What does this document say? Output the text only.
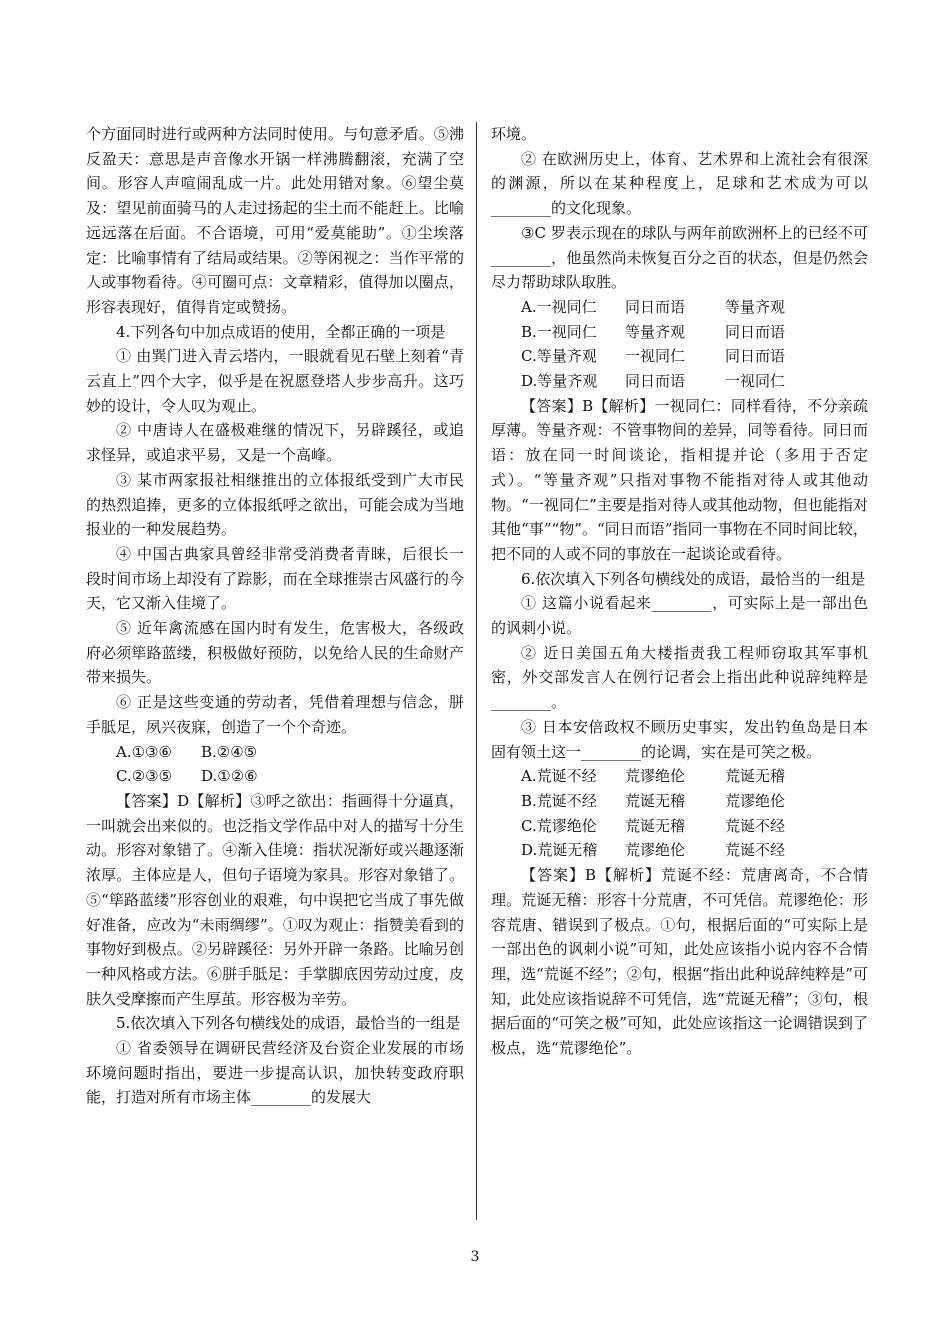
个方面同时进行或两种方法同时使用。与句意矛盾。⑤沸反盈天：意思是声音像水开锅一样沸腾翻滚，充满了空间。形容人声喧闹乱成一片。此处用错对象。⑥望尘莫及：望见前面骑马的人走过扬起的尘土而不能赶上。比喻远远落在后面。不合语境，可用“爱莫能助”。①尘埃落定：比喻事情有了结局或结果。②等闲视之：当作平常的人或事物看待。④可圈可点：文章精彩，值得加以圈点，形容表现好，值得肯定或赞扬。

4.下列各句中加点成语的使用，全都正确的一项是

① 由巽门进入青云塔内，一眼就看见石壁上刻着“青云直上”四个大字，似乎是在祝愿登塔人步步高升。这巧妙的设计，令人叹为观止。

② 中唐诗人在盛极难继的情况下，另辟蹊径，或追求怪异，或追求平易，又是一个高峰。

③ 某市两家报社相继推出的立体报纸受到广大市民的热烈追捧，更多的立体报纸呼之欲出，可能会成为当地报业的一种发展趋势。

④ 中国古典家具曾经非常受消费者青睐，后很长一段时间市场上却没有了踪影，而在全球推崇古风盛行的今天，它又渐入佳境了。

⑤ 近年禽流感在国内时有发生，危害极大，各级政府必须筚路蓝缕，积极做好预防，以免给人民的生命财产带来损失。

⑥ 正是这些变通的劳动者，凭借着理想与信念，胼手胝足，夙兴夜寐，创造了一个个奇迹。

A.①③⑥	B.②④⑤
C.②③⑤	D.①②⑥

【答案】D【解析】③呼之欲出：指画得十分逼真，一叫就会出来似的。也泛指文学作品中对人的描写十分生动。形容对象错了。④渐入佳境：指状况渐好或兴趣逐渐浓厚。主体应是人，但句子语境为家具。形容对象错了。⑤“筚路蓝缕”形容创业的艰难，句中误把它当成了事先做好准备，应改为“未雨绸缪”。①叹为观止：指赞美看到的事物好到极点。②另辟蹊径：另外开辟一条路。比喻另创一种风格或方法。⑥胼手胝足：手掌脚底因劳动过度，皮肤久受摩擦而产生厚茧。形容极为辛劳。

5.依次填入下列各句横线处的成语，最恰当的一组是

① 省委领导在调研民营经济及台资企业发展的市场环境问题时指出，要进一步提高认识，加快转变政府职能，打造对所有市场主体________的发展大

环境。

② 在欧洲历史上，体育、艺术界和上流社会有很深的渊源，所以在某种程度上，足球和艺术成为可以________的文化现象。

③C 罗表示现在的球队与两年前欧洲杯上的已经不可________，他虽然尚未恢复百分之百的状态，但是仍然会尽力帮助球队取胜。

A.一视同仁	同日而语	等量齐观
B.一视同仁	等量齐观	同日而语
C.等量齐观	一视同仁	同日而语
D.等量齐观	同日而语	一视同仁

【答案】B【解析】一视同仁：同样看待，不分亲疏厚薄。等量齐观：不管事物间的差异，同等看待。同日而语：放在同一时间谈论，指相提并论（多用于否定式）。“等量齐观”只指对事物不能指对待人或其他动物。“一视同仁”主要是指对待人或其他动物，但也能指对其他“事”“物”。“同日而语”指同一事物在不同时间比较，把不同的人或不同的事放在一起谈论或看待。

6.依次填入下列各句横线处的成语，最恰当的一组是

① 这篇小说看起来________，可实际上是一部出色的讽刺小说。

② 近日美国五角大楼指责我工程师窃取其军事机密，外交部发言人在例行记者会上指出此种说辞纯粹是________。

③ 日本安倍政权不顾历史事实，发出钓鱼岛是日本固有领土这一________的论调，实在是可笑之极。

A.荒诞不经	荒谬绝伦	荒诞无稽
B.荒诞不经	荒诞无稽	荒谬绝伦
C.荒谬绝伦	荒诞无稽	荒诞不经
D.荒诞无稽	荒谬绝伦	荒诞不经

【答案】B【解析】荒诞不经：荒唐离奇，不合情理。荒诞无稽：形容十分荒唐，不可凭信。荒谬绝伦：形容荒唐、错误到了极点。①句，根据后面的“可实际上是一部出色的讽刺小说”可知，此处应该指小说内容不合情理，选“荒诞不经”；②句，根据“指出此种说辞纯粹是”可知，此处应该指说辞不可凭信，选“荒诞无稽”；③句，根据后面的“可笑之极”可知，此处应该指这一论调错误到了极点，选“荒谬绝伦”。

3
